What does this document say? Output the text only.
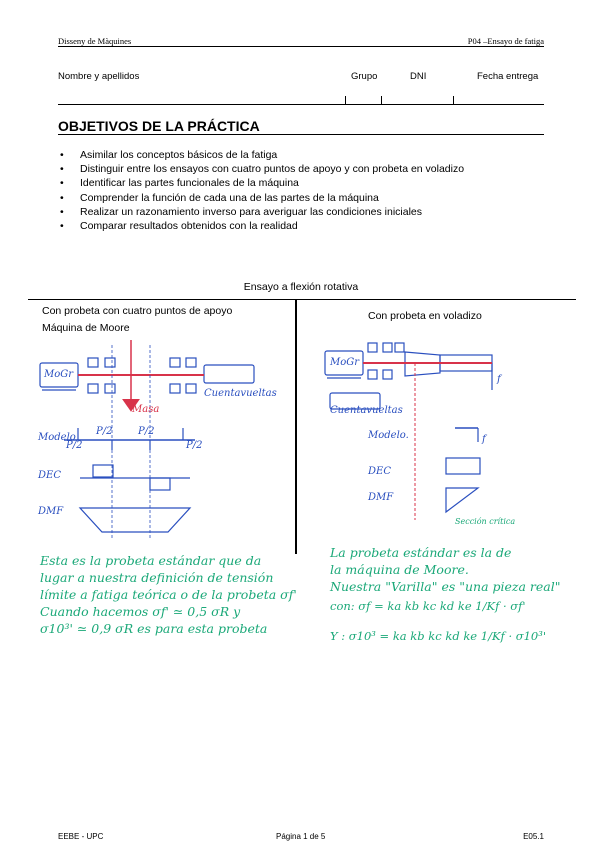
Disseny de Màquines	P04 –Ensayo de fatiga
Nombre y apellidos	Grupo	DNI	Fecha entrega
OBJETIVOS DE LA PRÁCTICA
• Asimilar los conceptos básicos de la fatiga
• Distinguir entre los ensayos con cuatro puntos de apoyo y con probeta en voladizo
• Identificar las partes funcionales de la máquina
• Comprender la función de cada una de las partes de la máquina
• Realizar un razonamiento inverso para averiguar las condiciones iniciales
• Comparar resultados obtenidos con la realidad
Ensayo a flexión rotativa
Con probeta con cuatro puntos de apoyo
Máquina de Moore
Con probeta en voladizo
MoGr
Cuentavueltas
Masa
P/2	P/2
P/2	P/2
Modelo
DEC
DMF
MoGr
Cuentavueltas
f
f
Modelo.
DEC
DMF
Sección crítica
Esta es la probeta estándar que da
lugar a nuestra definición de tensión
límite a fatiga teórica o de la probeta σf'
Cuando hacemos σf' ≃ 0,5 σR y
σ10³' ≃ 0,9 σR es para esta probeta
La probeta estándar es la de
la máquina de Moore.
Nuestra "Varilla" es "una pieza real"
con: σf = ka kb kc kd ke 1/Kf · σf'
Y : σ10³ = ka kb kc kd ke 1/Kf · σ10³'
EEBE - UPC	Página 1 de 5	E05.1
